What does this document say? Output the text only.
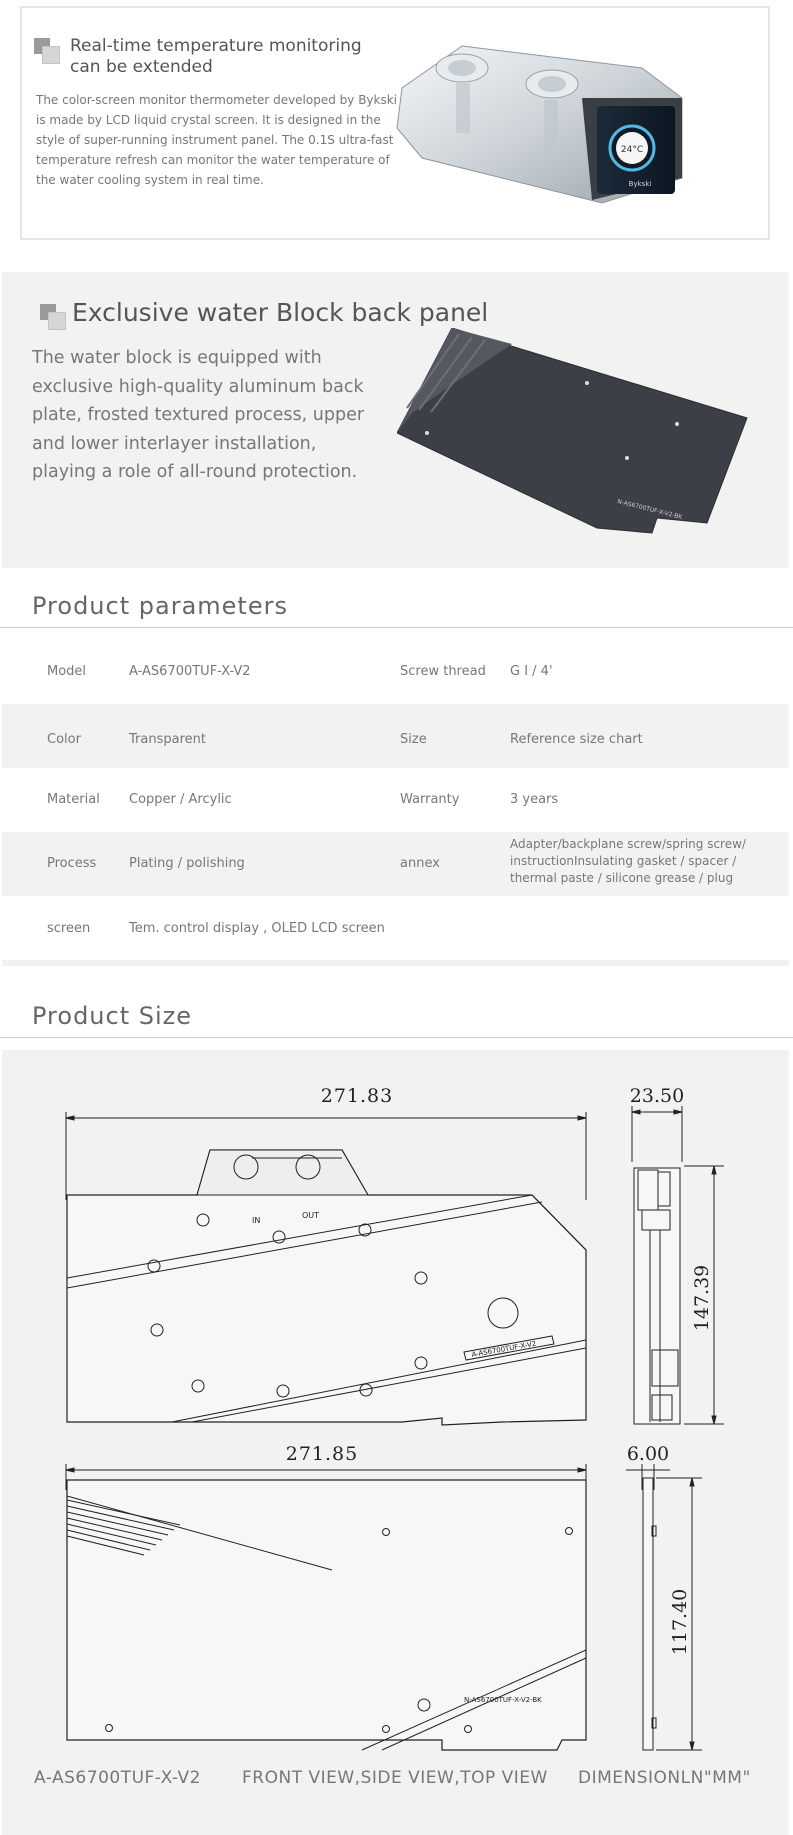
Real-time temperature monitoring can be extended
The color-screen monitor thermometer developed by Bykski is made by LCD liquid crystal screen. It is designed in the style of super-running instrument panel. The 0.1S ultra-fast temperature refresh can monitor the water temperature of the water cooling system in real time.
24°C
Bykski
Exclusive water Block back panel
The water block is equipped with exclusive high-quality aluminum back plate, frosted textured process, upper and lower interlayer installation, playing a role of all-round protection.
N-AS6700TUF-X-V2-BK
Product parameters
Model	A-AS6700TUF-X-V2	Screw thread G I / 4'
Color	Transparent	Size	Reference size chart
Material Copper / Arcylic	Warranty	3 years
Process	Plating / polishing	annex
Adapter/backplane screw/spring screw/ instructionInsulating gasket / spacer / thermal paste / silicone grease / plug
screen	Tem. control display , OLED LCD screen
Product Size
271.83
IN
OUT
A-AS6700TUF-X-V2
23.50
147.39
271.85
N-AS6700TUF-X-V2-BK
6.00
117.40
A-AS6700TUF-X-V2 FRONT VIEW,SIDE VIEW,TOP VIEW DIMENSIONLN"MM"
